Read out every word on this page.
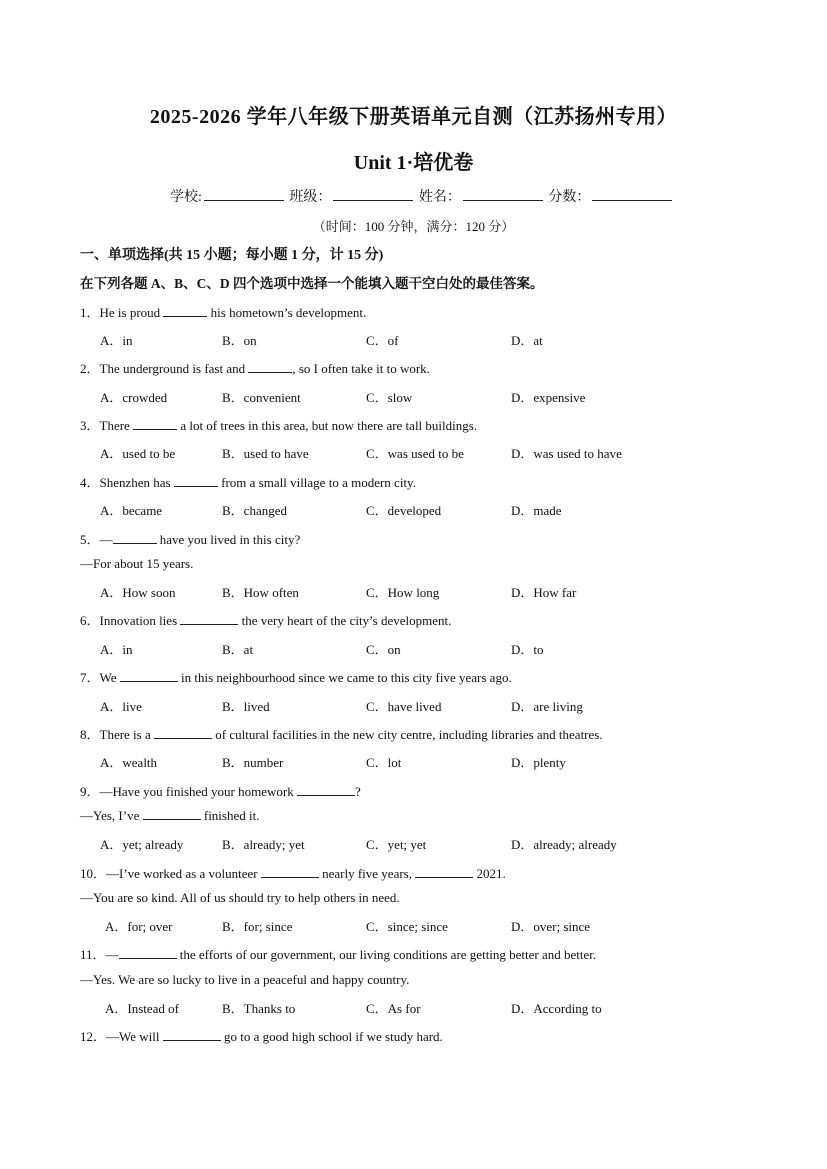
2025-2026 学年八年级下册英语单元自测（江苏扬州专用）
Unit 1·培优卷
学校:	班级：	姓名：	分数：
（时间：100 分钟，满分：120 分）
一、单项选择(共 15 小题；每小题 1 分，计 15 分)
在下列各题 A、B、C、D 四个选项中选择一个能填入题干空白处的最佳答案。
1．He is proud	his hometown’s development.
A．in	B．on	C．of	D．at
2．The underground is fast and	, so I often take it to work.
A．crowded	B．convenient	C．slow	D．expensive
3．There	a lot of trees in this area, but now there are tall buildings.
A．used to be	B．used to have	C．was used to be	D．was used to have
4．Shenzhen has	from a small village to a modern city.
A．became	B．changed	C．developed	D．made
5．—	have you lived in this city?
—For about 15 years.
A．How soon	B．How often	C．How long	D．How far
6．Innovation lies	the very heart of the city’s development.
A．in	B．at	C．on	D．to
7．We	in this neighbourhood since we came to this city five years ago.
A．live	B．lived	C．have lived	D．are living
8．There is a	of cultural facilities in the new city centre, including libraries and theatres.
A．wealth	B．number	C．lot	D．plenty
9．—Have you finished your homework	?
—Yes, I’ve	finished it.
A．yet; already	B．already; yet	C．yet; yet	D．already; already
10．—I’ve worked as a volunteer	nearly five years,	2021.
—You are so kind. All of us should try to help others in need.
A．for; over	B．for; since	C．since; since	D．over; since
11．—	the efforts of our government, our living conditions are getting better and better.
—Yes. We are so lucky to live in a peaceful and happy country.
A．Instead of	B．Thanks to	C．As for	D．According to
12．—We will	go to a good high school if we study hard.
